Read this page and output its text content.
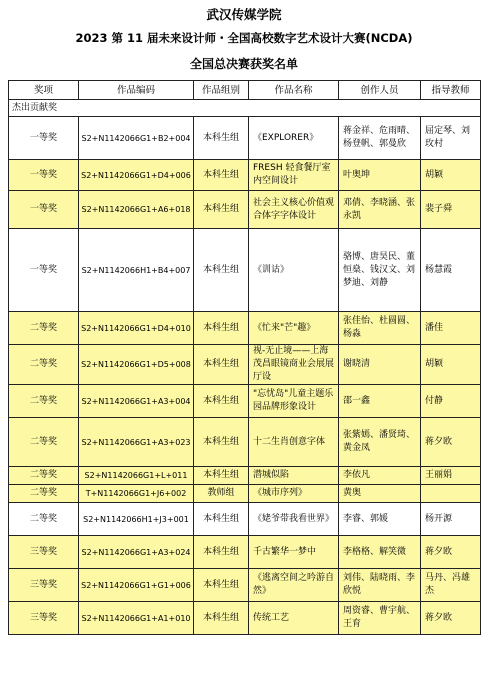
武汉传媒学院
2023 第 11 届未来设计师・全国高校数字艺术设计大赛(NCDA)
全国总决赛获奖名单
奖项	作品编码	作品组别	作品名称	创作人员	指导教师
杰出贡献奖					
一等奖	S2+N1142066G1+B2+004	本科生组	《EXPLORER》	蒋金祥、危雨晴、杨登帆、郭曼欣	屈定琴、刘玫村
一等奖	S2+N1142066G1+D4+006	本科生组	FRESH 轻食餐厅室内空间设计	叶奥坤	胡颖
一等奖	S2+N1142066G1+A6+018	本科生组	社会主义核心价值观合体字字体设计	邓倩、李晓涵、张永凯	裴子舜
一等奖	S2+N1142066H1+B4+007	本科生组	《训诂》	骆博、唐昊民、董恒燊、钱汉文、刘梦迪、刘静	杨慧霞
二等奖	S2+N1142066G1+D4+010	本科生组	《忙来"芒"趣》	张佳怡、杜圆圆、杨淼	潘佳
二等奖	S2+N1142066G1+D5+008	本科生组	视-无止境——上海茂昌眼镜商业会展展厅设	谢晓清	胡颖
二等奖	S2+N1142066G1+A3+004	本科生组	"忘忧岛"儿童主题乐园品牌形象设计	邵一鑫	付静
二等奖	S2+N1142066G1+A3+023	本科生组	十二生肖创意字体	张紫嫣、潘贤琦、黄金凤	蒋夕欧
二等奖	S2+N1142066G1+L+011	本科生组	潜城似陷	李依凡	王丽娟
二等奖	T+N1142066G1+J6+002	教师组	《城市序列》	黄奥	
二等奖	S2+N1142066H1+J3+001	本科生组	《姥爷带我看世界》	李睿、郭媛	杨开源
三等奖	S2+N1142066G1+A3+024	本科生组	千古繁华一梦中	李格格、解笑微	蒋夕欧
三等奖	S2+N1142066G1+G1+006	本科生组	《逃离空间之吟游自然》	刘伟、陆晓雨、李欣悦	马丹、冯雄杰
三等奖	S2+N1142066G1+A1+010	本科生组	传统工艺	周资睿、曹宇航、王育	蒋夕欧
